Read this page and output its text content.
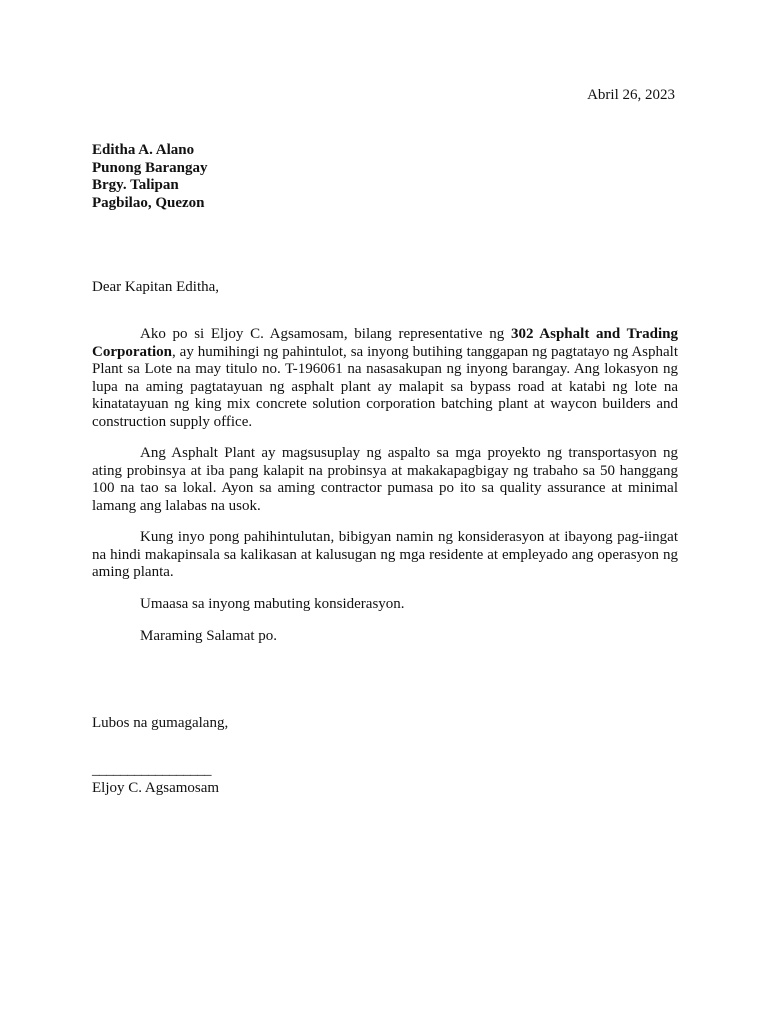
Abril 26, 2023
Editha A. Alano
Punong Barangay
Brgy. Talipan
Pagbilao, Quezon
Dear Kapitan Editha,

Ako po si Eljoy C. Agsamosam, bilang representative ng 302 Asphalt and Trading Corporation, ay humihingi ng pahintulot, sa inyong butihing tanggapan ng pagtatayo ng Asphalt Plant sa Lote na may titulo no. T-196061 na nasasakupan ng inyong barangay. Ang lokasyon ng lupa na aming pagtatayuan ng asphalt plant ay malapit sa bypass road at katabi ng lote na kinatatayuan ng king mix concrete solution corporation batching plant at waycon builders and construction supply office.

Ang Asphalt Plant ay magsusuplay ng aspalto sa mga proyekto ng transportasyon ng ating probinsya at iba pang kalapit na probinsya at makakapagbigay ng trabaho sa 50 hanggang 100 na tao sa lokal. Ayon sa aming contractor pumasa po ito sa quality assurance at minimal lamang ang lalabas na usok.

Kung inyo pong pahihintulutan, bibigyan namin ng konsiderasyon at ibayong pag-iingat na hindi makapinsala sa kalikasan at kalusugan ng mga residente at empleyado ang operasyon ng aming planta.

Umaasa sa inyong mabuting konsiderasyon.

Maraming Salamat po.

Lubos na gumagalang,
_________________
Eljoy C. Agsamosam
